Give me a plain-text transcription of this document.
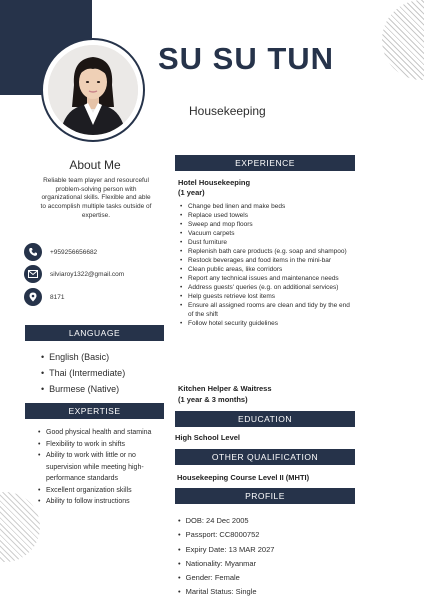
SU SU TUN
Housekeeping
About Me
Reliable team player and resourceful problem-solving person with organizational skills. Flexible and able to accomplish multiple tasks outside of expertise.
+959256656682
silviaroy1322@gmail.com
8171
LANGUAGE
• English (Basic)
• Thai (Intermediate)
• Burmese (Native)
EXPERTISE
• Good physical health and stamina
• Flexibility to work in shifts
• Ability to work with little or no supervision while meeting high-performance standards
• Excellent organization skills
• Ability to follow instructions
EXPERIENCE
Hotel Housekeeping
(1 year)
• Change bed linen and make beds
• Replace used towels
• Sweep and mop floors
• Vacuum carpets
• Dust furniture
• Replenish bath care products (e.g. soap and shampoo)
• Restock beverages and food items in the mini-bar
• Clean public areas, like corridors
• Report any technical issues and maintenance needs
• Address guests' queries (e.g. on additional services)
• Help guests retrieve lost items
• Ensure all assigned rooms are clean and tidy by the end of the shift
• Follow hotel security guidelines
Kitchen Helper & Waitress
(1 year & 3 months)
EDUCATION
High School Level
OTHER QUALIFICATION
Housekeeping Course Level II (MHTI)
PROFILE
• DOB: 24 Dec 2005
• Passport: CC8000752
• Expiry Date: 13 MAR 2027
• Nationality: Myanmar
• Gender: Female
• Marital Status: Single
